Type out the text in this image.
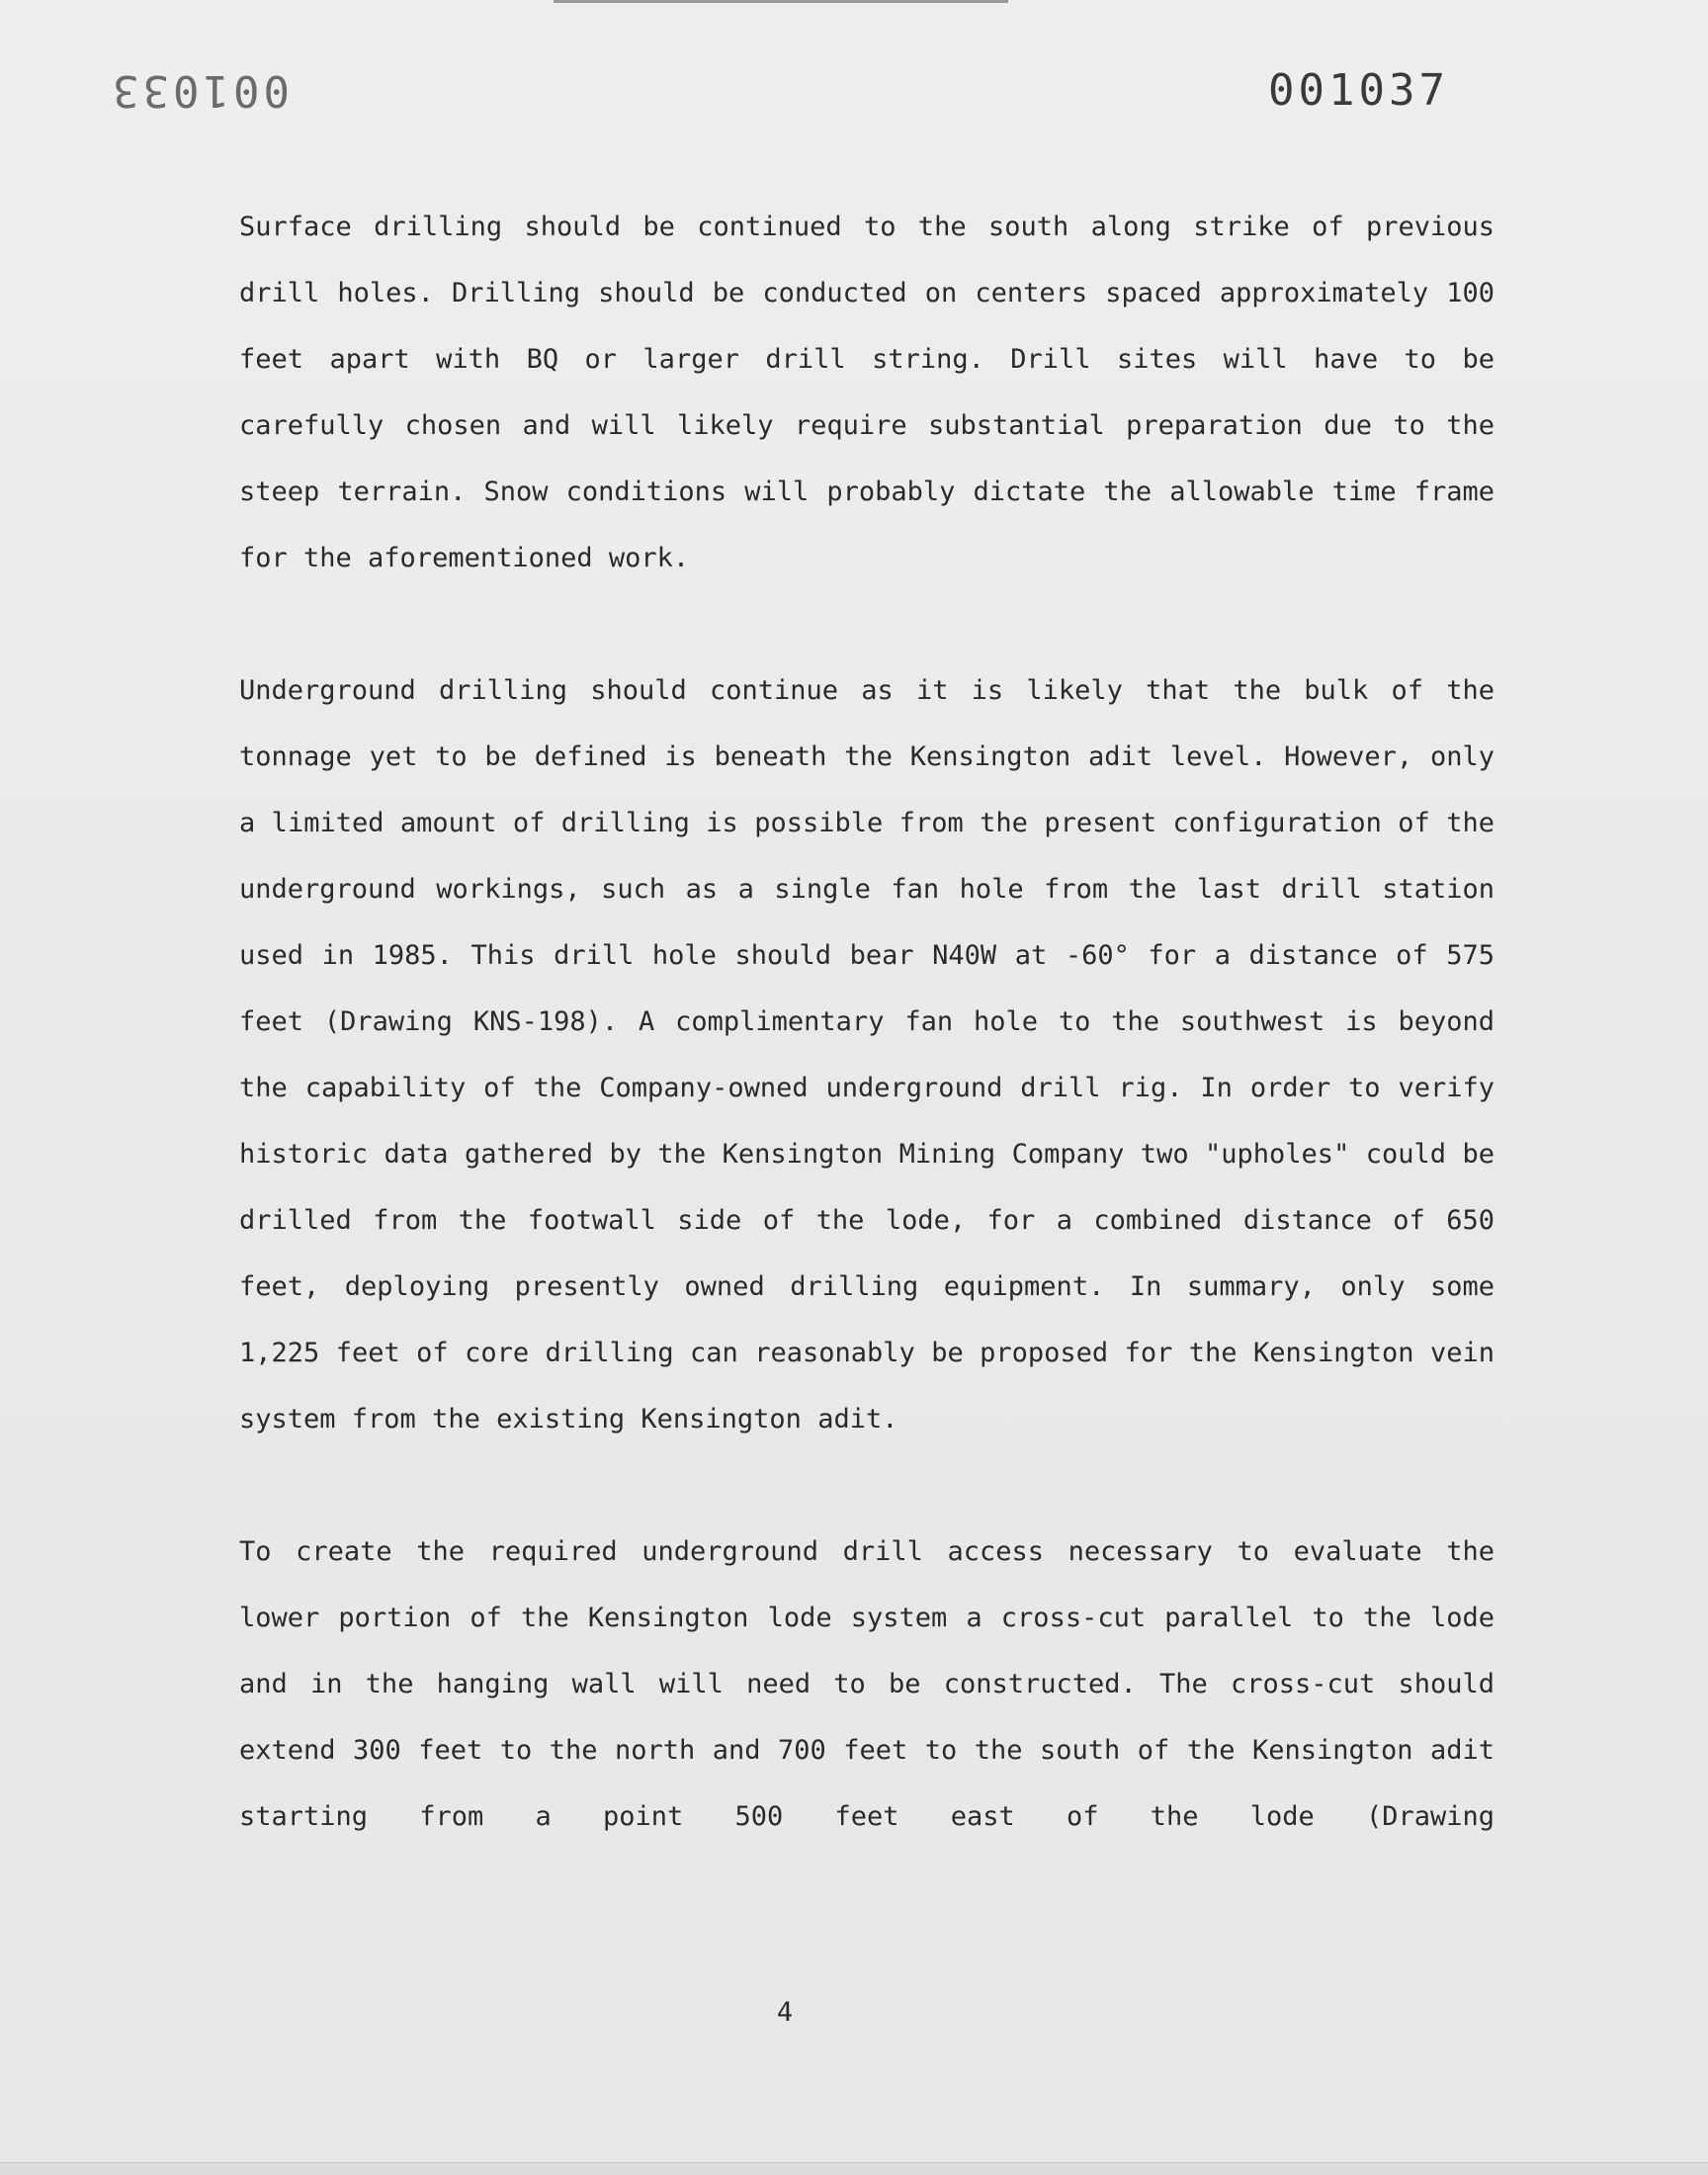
001033	001037

Surface drilling should be continued to the south along strike of previous drill holes. Drilling should be conducted on centers spaced approximately 100 feet apart with BQ or larger drill string. Drill sites will have to be carefully chosen and will likely require substantial preparation due to the steep terrain. Snow conditions will probably dictate the allowable time frame for the aforementioned work.

Underground drilling should continue as it is likely that the bulk of the tonnage yet to be defined is beneath the Kensington adit level. However, only a limited amount of drilling is possible from the present configuration of the underground workings, such as a single fan hole from the last drill station used in 1985. This drill hole should bear N40W at -60° for a distance of 575 feet (Drawing KNS-198). A complimentary fan hole to the southwest is beyond the capability of the Company-owned underground drill rig. In order to verify historic data gathered by the Kensington Mining Company two "upholes" could be drilled from the footwall side of the lode, for a combined distance of 650 feet, deploying presently owned drilling equipment. In summary, only some 1,225 feet of core drilling can reasonably be proposed for the Kensington vein system from the existing Kensington adit.

To create the required underground drill access necessary to evaluate the lower portion of the Kensington lode system a cross-cut parallel to the lode and in the hanging wall will need to be constructed. The cross-cut should extend 300 feet to the north and 700 feet to the south of the Kensington adit starting from a point 500 feet east of the lode (Drawing

4
